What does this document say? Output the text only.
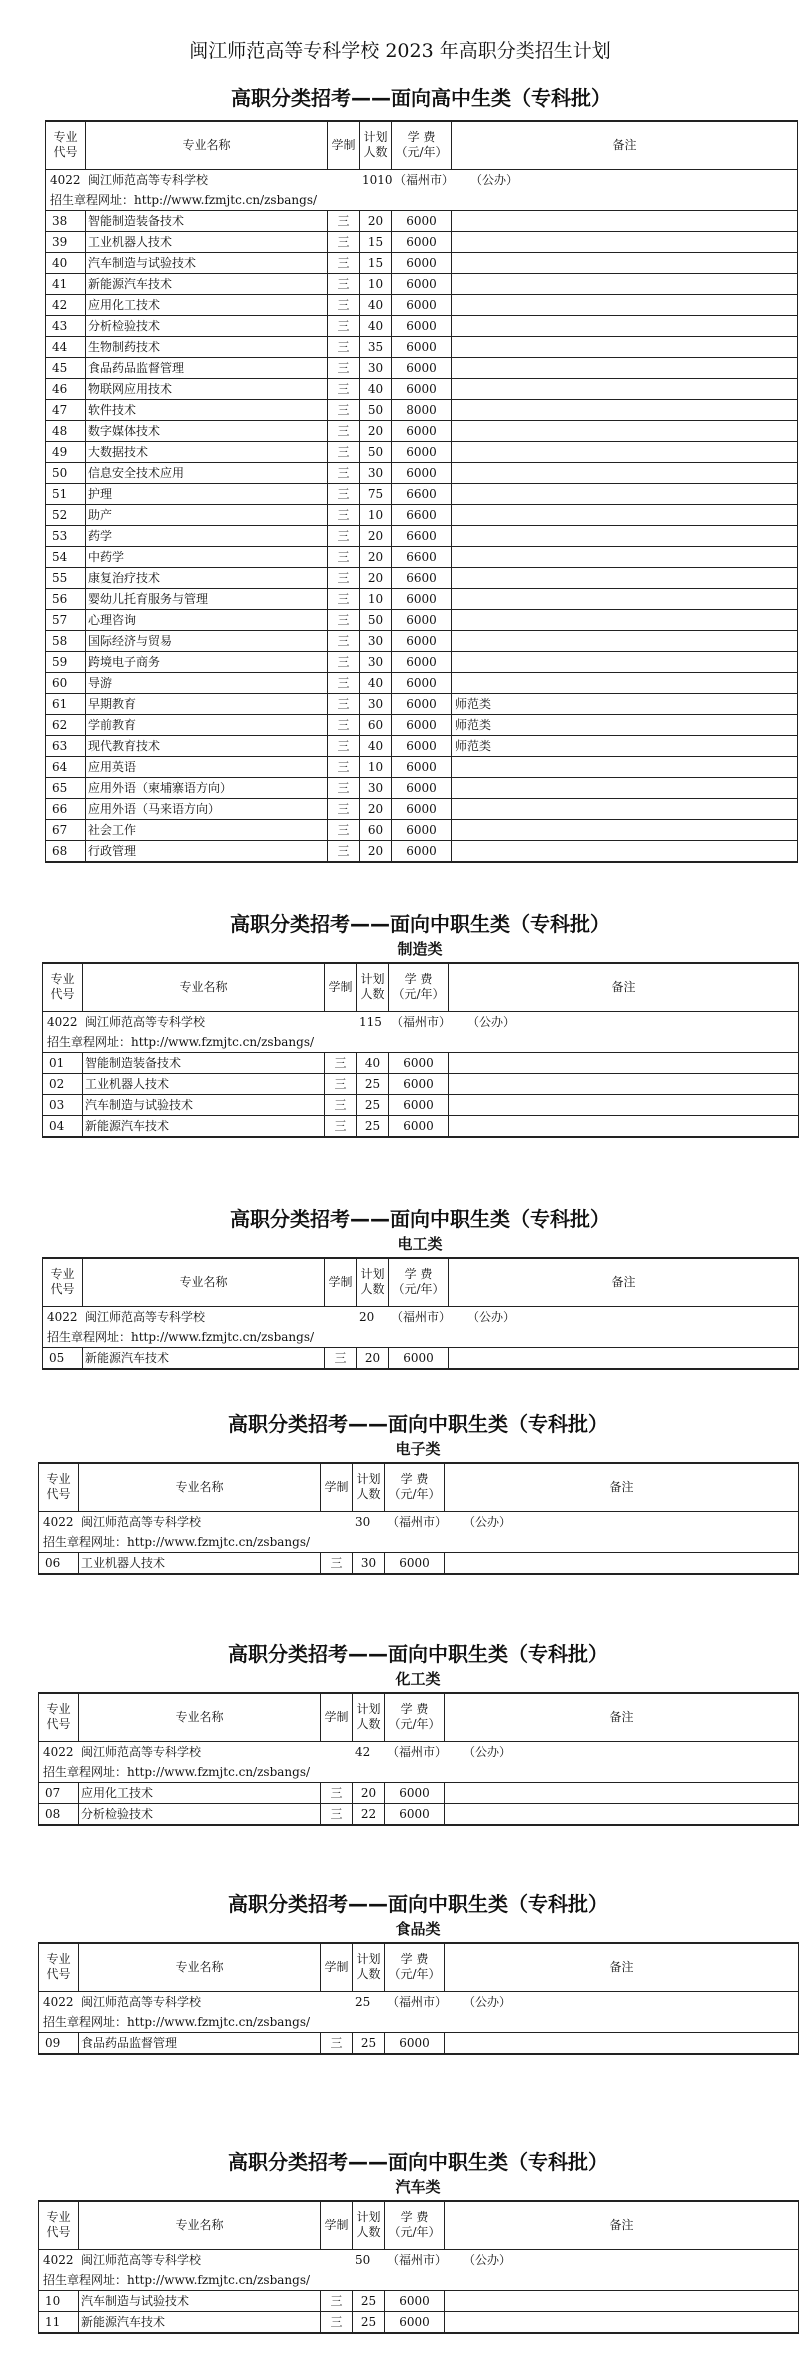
闽江师范高等专科学校 2023 年高职分类招生计划
高职分类招考——面向高中生类（专科批）
专业
代号	专业名称	学制	计划
人数	学 费
（元/年）	备注

4022 闽江师范高等专科学校 1010 （福州市） （公办）					

招生章程网址：http://www.fzmjtc.cn/zsbangs/					
38	智能制造装备技术	三	20	6000	
39	工业机器人技术	三	15	6000	
40	汽车制造与试验技术	三	15	6000	
41	新能源汽车技术	三	10	6000	
42	应用化工技术	三	40	6000	
43	分析检验技术	三	40	6000	
44	生物制药技术	三	35	6000	
45	食品药品监督管理	三	30	6000	
46	物联网应用技术	三	40	6000	
47	软件技术	三	50	8000	
48	数字媒体技术	三	20	6000	
49	大数据技术	三	50	6000	
50	信息安全技术应用	三	30	6000	
51	护理	三	75	6600	
52	助产	三	10	6600	
53	药学	三	20	6600	
54	中药学	三	20	6600	
55	康复治疗技术	三	20	6600	
56	婴幼儿托育服务与管理	三	10	6000	
57	心理咨询	三	50	6000	
58	国际经济与贸易	三	30	6000	
59	跨境电子商务	三	30	6000	
60	导游	三	40	6000	
61	早期教育	三	30	6000	师范类
62	学前教育	三	60	6000	师范类
63	现代教育技术	三	40	6000	师范类
64	应用英语	三	10	6000	
65	应用外语（柬埔寨语方向）	三	30	6000	
66	应用外语（马来语方向）	三	20	6000	
67	社会工作	三	60	6000	
68	行政管理	三	20	6000	
高职分类招考——面向中职生类（专科批）
制造类
专业
代号	专业名称	学制	计划
人数	学 费
（元/年）	备注

4022 闽江师范高等专科学校 115 （福州市） （公办）					

招生章程网址：http://www.fzmjtc.cn/zsbangs/					
01	智能制造装备技术	三	40	6000	
02	工业机器人技术	三	25	6000	
03	汽车制造与试验技术	三	25	6000	
04	新能源汽车技术	三	25	6000	
高职分类招考——面向中职生类（专科批）
电工类
专业
代号	专业名称	学制	计划
人数	学 费
（元/年）	备注

4022 闽江师范高等专科学校 20 （福州市） （公办）					

招生章程网址：http://www.fzmjtc.cn/zsbangs/					
05	新能源汽车技术	三	20	6000	
高职分类招考——面向中职生类（专科批）
电子类
专业
代号	专业名称	学制	计划
人数	学 费
（元/年）	备注

4022 闽江师范高等专科学校 30 （福州市） （公办）					

招生章程网址：http://www.fzmjtc.cn/zsbangs/					
06	工业机器人技术	三	30	6000	
高职分类招考——面向中职生类（专科批）
化工类
专业
代号	专业名称	学制	计划
人数	学 费
（元/年）	备注

4022 闽江师范高等专科学校 42 （福州市） （公办）					

招生章程网址：http://www.fzmjtc.cn/zsbangs/					
07	应用化工技术	三	20	6000	
08	分析检验技术	三	22	6000	
高职分类招考——面向中职生类（专科批）
食品类
专业
代号	专业名称	学制	计划
人数	学 费
（元/年）	备注

4022 闽江师范高等专科学校 25 （福州市） （公办）					

招生章程网址：http://www.fzmjtc.cn/zsbangs/					
09	食品药品监督管理	三	25	6000	
高职分类招考——面向中职生类（专科批）
汽车类
专业
代号	专业名称	学制	计划
人数	学 费
（元/年）	备注

4022 闽江师范高等专科学校 50 （福州市） （公办）					

招生章程网址：http://www.fzmjtc.cn/zsbangs/					
10	汽车制造与试验技术	三	25	6000	
11	新能源汽车技术	三	25	6000	
